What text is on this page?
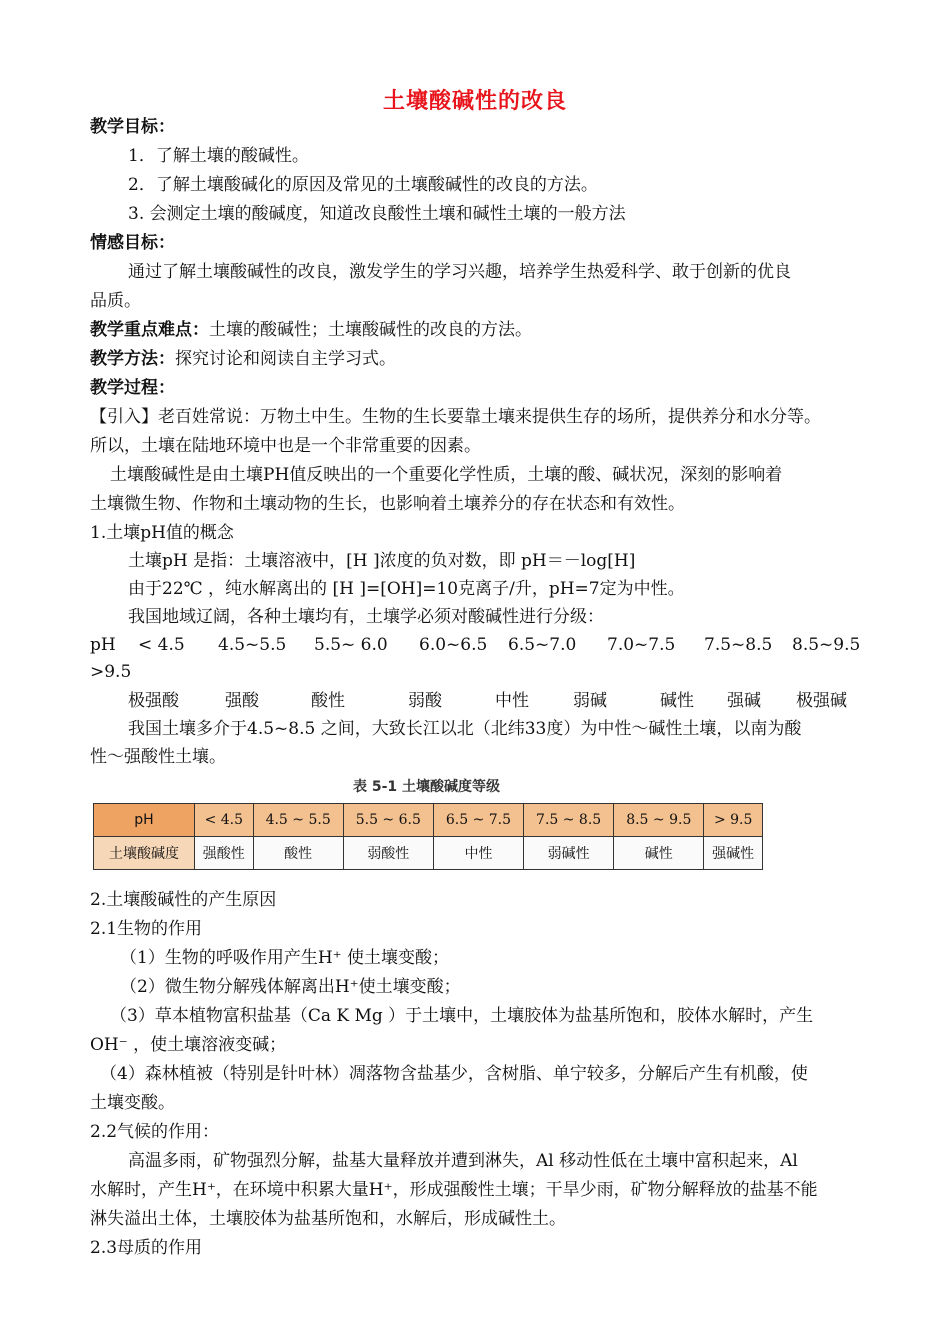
土壤酸碱性的改良
教学目标：
1．了解土壤的酸碱性。
2．了解土壤酸碱化的原因及常见的土壤酸碱性的改良的方法。
3. 会测定土壤的酸碱度，知道改良酸性土壤和碱性土壤的一般方法
情感目标：
通过了解土壤酸碱性的改良，激发学生的学习兴趣，培养学生热爱科学、敢于创新的优良
品质。
教学重点难点：土壤的酸碱性；土壤酸碱性的改良的方法。
教学方法：探究讨论和阅读自主学习式。
教学过程：
【引入】老百姓常说：万物土中生。生物的生长要靠土壤来提供生存的场所，提供养分和水分等。
所以，土壤在陆地环境中也是一个非常重要的因素。
土壤酸碱性是由土壤PH值反映出的一个重要化学性质，土壤的酸、碱状况，深刻的影响着
土壤微生物、作物和土壤动物的生长，也影响着土壤养分的存在状态和有效性。
1.土壤pH值的概念
土壤pH 是指：土壤溶液中，[H ]浓度的负对数，即 pH＝－log[H]
由于22℃ ，纯水解离出的 [H ]=[OH]=10克离子/升，pH=7定为中性。
我国地域辽阔，各种土壤均有，土壤学必须对酸碱性进行分级：
pH < 4.5 4.5~5.5 5.5~ 6.0 6.0~6.5 6.5~7.0 7.0~7.5 7.5~8.5 8.5~9.5
>9.5
极强酸	强酸	酸性	弱酸	中性	弱碱	碱性 强碱 极强碱
我国土壤多介于4.5~8.5 之间，大致长江以北（北纬33度）为中性～碱性土壤，以南为酸
性～强酸性土壤。
表 5-1 土壤酸碱度等级
pH	< 4.5	4.5 ~ 5.5	5.5 ~ 6.5	6.5 ~ 7.5	7.5 ~ 8.5	8.5 ~ 9.5	> 9.5
土壤酸碱度	强酸性	酸性	弱酸性	中性	弱碱性	碱性	强碱性
2.土壤酸碱性的产生原因
2.1生物的作用
（1）生物的呼吸作用产生H⁺ 使土壤变酸；
（2）微生物分解残体解离出H⁺使土壤变酸；
（3）草本植物富积盐基（Ca K Mg ）于土壤中，土壤胶体为盐基所饱和，胶体水解时，产生
OH⁻ ，使土壤溶液变碱；
（4）森林植被（特别是针叶林）凋落物含盐基少，含树脂、单宁较多，分解后产生有机酸，使
土壤变酸。
2.2气候的作用：
高温多雨，矿物强烈分解，盐基大量释放并遭到淋失，Al 移动性低在土壤中富积起来，Al
水解时，产生H⁺，在环境中积累大量H⁺，形成强酸性土壤；干旱少雨，矿物分解释放的盐基不能
淋失溢出土体，土壤胶体为盐基所饱和，水解后，形成碱性土。
2.3母质的作用
